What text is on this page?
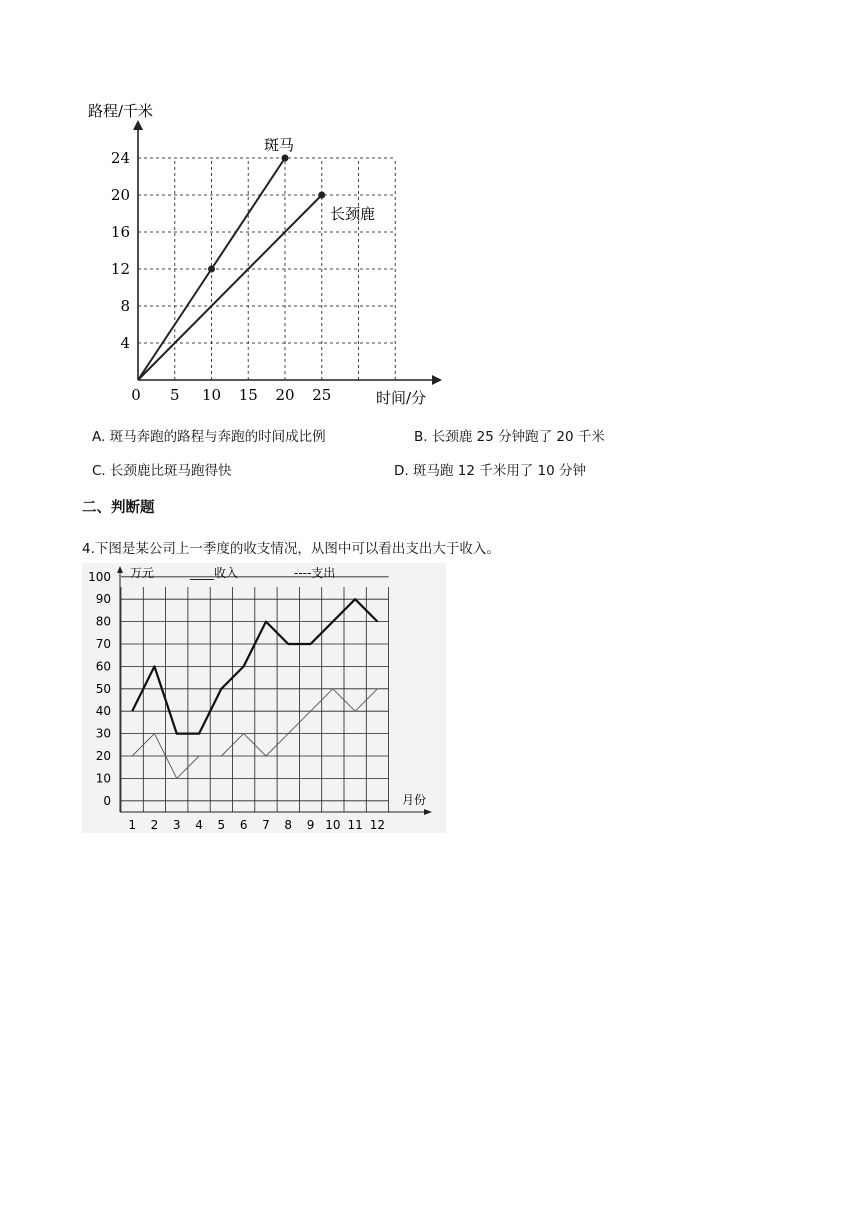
0 5 10 15 20 25
4
8
12
16
20
24
路程/千米
时间/分
斑马
长颈鹿
A. 斑马奔跑的路程与奔跑的时间成比例	B. 长颈鹿 25 分钟跑了 20 千米
C. 长颈鹿比斑马跑得快	D. 斑马跑 12 千米用了 10 分钟
二、判断题
4.下图是某公司上一季度的收支情况，从图中可以看出支出大于收入。
1 2 3 4 5 6 7 8 9 10 11 12
0
10
20
30
40
50
60
70
80
90
100 万元
月份
____收入	----支出
